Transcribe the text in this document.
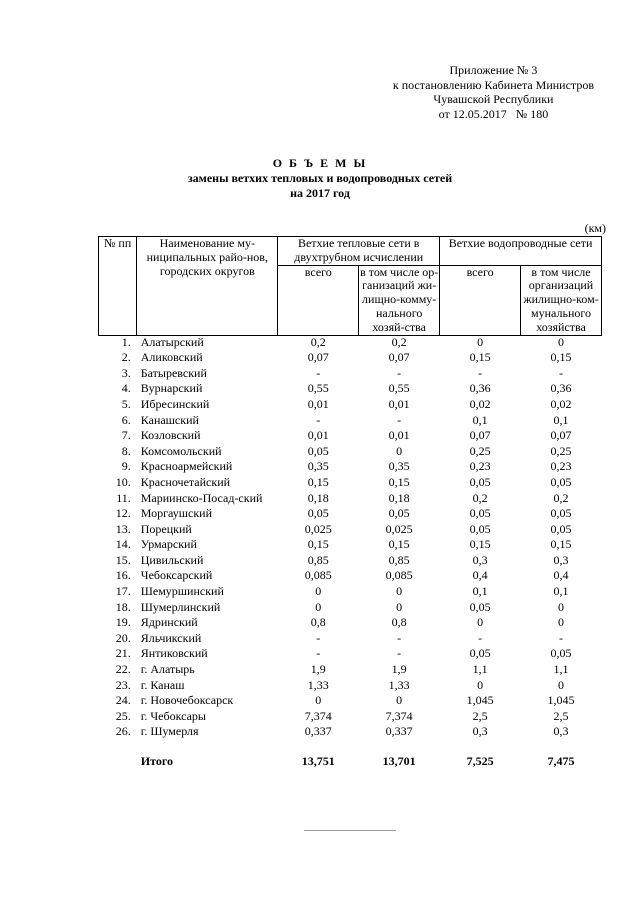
Приложение № 3
к постановлению Кабинета Министров
Чувашской Республики
от 12.05.2017   № 180
О Б Ъ Е М Ы
замены ветхих тепловых и водопроводных сетей
на 2017 год
(км)
№ пп	Наименование му-ниципальных райо-нов, городских округов	Ветхие тепловые сети в двухтрубном исчислении		Ветхие водопроводные сети	
		всего	в том числе ор-ганизаций жи-лищно-комму-нального хозяй-ства	всего	в том числе организаций жилищно-ком-мунального хозяйства
1.	Алатырский	0,2	0,2	0	0
2.	Аликовский	0,07	0,07	0,15	0,15
3.	Батыревский	-	-	-	-
4.	Вурнарский	0,55	0,55	0,36	0,36
5.	Ибресинский	0,01	0,01	0,02	0,02
6.	Канашский	-	-	0,1	0,1
7.	Козловский	0,01	0,01	0,07	0,07
8.	Комсомольский	0,05	0	0,25	0,25
9.	Красноармейский	0,35	0,35	0,23	0,23
10.	Красночетайский	0,15	0,15	0,05	0,05
11.	Мариинско-Посад-ский	0,18	0,18	0,2	0,2
12.	Моргаушский	0,05	0,05	0,05	0,05
13.	Порецкий	0,025	0,025	0,05	0,05
14.	Урмарский	0,15	0,15	0,15	0,15
15.	Цивильский	0,85	0,85	0,3	0,3
16.	Чебоксарский	0,085	0,085	0,4	0,4
17.	Шемуршинский	0	0	0,1	0,1
18.	Шумерлинский	0	0	0,05	0
19.	Ядринский	0,8	0,8	0	0
20.	Яльчикский	-	-	-	-
21.	Янтиковский	-	-	0,05	0,05
22.	г. Алатырь	1,9	1,9	1,1	1,1
23.	г. Канаш	1,33	1,33	0	0
24.	г. Новочебоксарск	0	0	1,045	1,045
25.	г. Чебоксары	7,374	7,374	2,5	2,5
26.	г. Шумерля	0,337	0,337	0,3	0,3

	Итого	13,751	13,701	7,525	7,475
